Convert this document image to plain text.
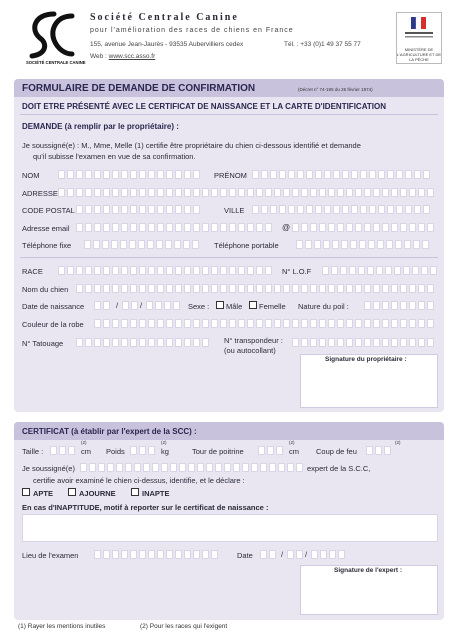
SOCIÉTÉ CENTRALE CANINE
Société Centrale Canine
pour l'amélioration des races de chiens en France
155, avenue Jean-Jaurès - 93535 Aubervilliers cedex	Tél. : +33 (0)1 49 37 55 77
Web : www.scc.asso.fr
MINISTÈRE DE L'AGRICULTURE ET DE LA PÊCHE
FORMULAIRE DE DEMANDE DE CONFIRMATION	(Décret n° 74-195 du 26 février 1974)
DOIT ETRE PRÉSENTÉ AVEC LE CERTIFICAT DE NAISSANCE ET LA CARTE D'IDENTIFICATION
DEMANDE (à remplir par le propriétaire) :
Je soussigné(e) : M., Mme, Melle (1) certifie être propriétaire du chien ci-dessous identifié et demande
qu'il subisse l'examen en vue de sa confirmation.
NOM	PRÉNOM
ADRESSE
CODE POSTAL	VILLE
Adresse email	@
Téléphone fixe	Téléphone portable
RACE	N° L.O.F
Nom du chien
Date de naissance	/	/	Sexe : Mâle Femelle Nature du poil :
Couleur de la robe
N° Tatouage	N° transpondeur :
(ou autocollant)
Signature du propriétaire :
CERTIFICAT (à établir par l'expert de la SCC) :
Taille :
(2)
cm Poids
(2)
kg	Tour de poitrine
(2)
cm Coup de feu
(2)
Je soussigné(e)	expert de la S.C.C,
certifie avoir examiné le chien ci-dessus, identifie, et le déclare :
APTE	AJOURNE	INAPTE
En cas d'INAPTITUDE, motif à reporter sur le certificat de naissance :
Lieu de l'examen	Date	/	/
Signature de l'expert :
(1) Rayer les mentions inutiles	(2) Pour les races qui l'exigent
